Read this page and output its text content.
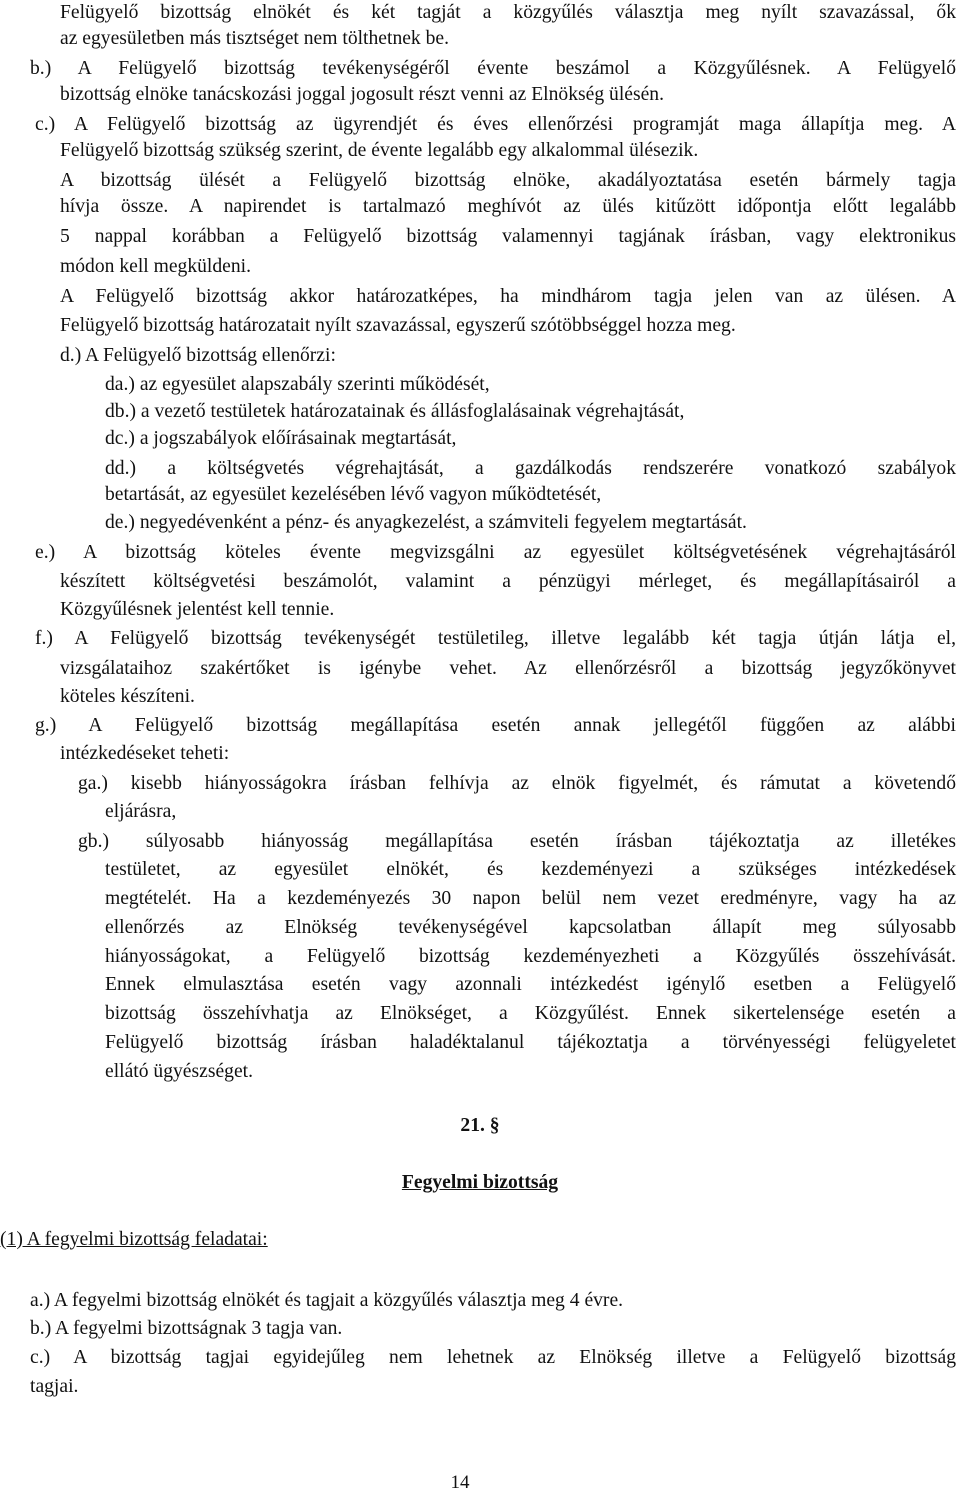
Felügyelő bizottság elnökét és két tagját a közgyűlés választja meg nyílt szavazással, ők
az egyesületben más tisztséget nem tölthetnek be.
b.) A Felügyelő bizottság tevékenységéről évente beszámol a Közgyűlésnek. A Felügyelő
bizottság elnöke tanácskozási joggal jogosult részt venni az Elnökség ülésén.
c.) A Felügyelő bizottság az ügyrendjét és éves ellenőrzési programját maga állapítja meg. A
Felügyelő bizottság szükség szerint, de évente legalább egy alkalommal ülésezik.
A bizottság ülését a Felügyelő bizottság elnöke, akadályoztatása esetén bármely tagja
hívja össze. A napirendet is tartalmazó meghívót az ülés kitűzött időpontja előtt legalább
5 nappal korábban a Felügyelő bizottság valamennyi tagjának írásban, vagy elektronikus
módon kell megküldeni.
A Felügyelő bizottság akkor határozatképes, ha mindhárom tagja jelen van az ülésen. A
Felügyelő bizottság határozatait nyílt szavazással, egyszerű szótöbbséggel hozza meg.
d.) A Felügyelő bizottság ellenőrzi:
da.) az egyesület alapszabály szerinti működését,
db.) a vezető testületek határozatainak és állásfoglalásainak végrehajtását,
dc.) a jogszabályok előírásainak megtartását,
dd.) a költségvetés végrehajtását, a gazdálkodás rendszerére vonatkozó szabályok
betartását, az egyesület kezelésében lévő vagyon működtetését,
de.) negyedévenként a pénz- és anyagkezelést, a számviteli fegyelem megtartását.
e.) A bizottság köteles évente megvizsgálni az egyesület költségvetésének végrehajtásáról
készített költségvetési beszámolót, valamint a pénzügyi mérleget, és megállapításairól a
Közgyűlésnek jelentést kell tennie.
f.) A Felügyelő bizottság tevékenységét testületileg, illetve legalább két tagja útján látja el,
vizsgálataihoz szakértőket is igénybe vehet. Az ellenőrzésről a bizottság jegyzőkönyvet
köteles készíteni.
g.) A Felügyelő bizottság megállapítása esetén annak jellegétől függően az alábbi
intézkedéseket teheti:
ga.) kisebb hiányosságokra írásban felhívja az elnök figyelmét, és rámutat a követendő
eljárásra,
gb.) súlyosabb hiányosság megállapítása esetén írásban tájékoztatja az illetékes
testületet, az egyesület elnökét, és kezdeményezi a szükséges intézkedések
megtételét. Ha a kezdeményezés 30 napon belül nem vezet eredményre, vagy ha az
ellenőrzés az Elnökség tevékenységével kapcsolatban állapít meg súlyosabb
hiányosságokat, a Felügyelő bizottság kezdeményezheti a Közgyűlés összehívását.
Ennek elmulasztása esetén vagy azonnali intézkedést igénylő esetben a Felügyelő
bizottság összehívhatja az Elnökséget, a Közgyűlést. Ennek sikertelensége esetén a
Felügyelő bizottság írásban haladéktalanul tájékoztatja a törvényességi felügyeletet
ellátó ügyészséget.
21. §
Fegyelmi bizottság
(1) A fegyelmi bizottság feladatai:
a.) A fegyelmi bizottság elnökét és tagjait a közgyűlés választja meg 4 évre.
b.) A fegyelmi bizottságnak 3 tagja van.
c.) A bizottság tagjai egyidejűleg nem lehetnek az Elnökség illetve a Felügyelő bizottság
tagjai.
14
